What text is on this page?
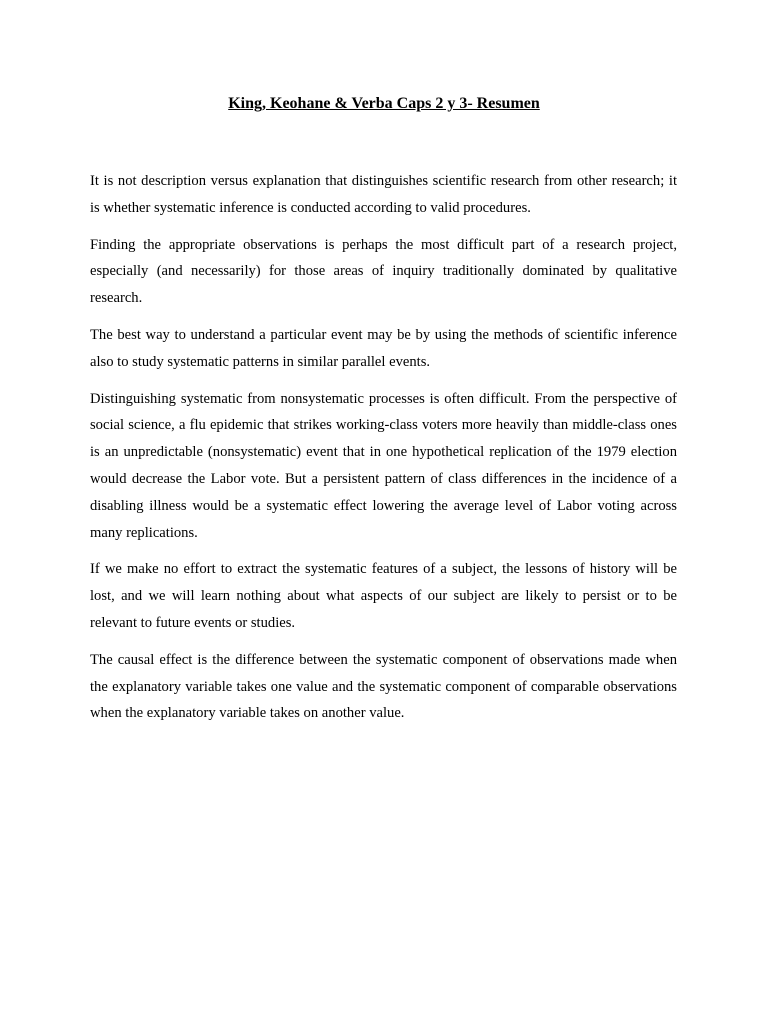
King, Keohane & Verba Caps 2 y 3- Resumen

It is not description versus explanation that distinguishes scientific research from other research; it is whether systematic inference is conducted according to valid procedures.

Finding the appropriate observations is perhaps the most difficult part of a research project, especially (and necessarily) for those areas of inquiry traditionally dominated by qualitative research.

The best way to understand a particular event may be by using the methods of scientific inference also to study systematic patterns in similar parallel events.

Distinguishing systematic from nonsystematic processes is often difficult. From the perspective of social science, a flu epidemic that strikes working-class voters more heavily than middle-class ones is an unpredictable (nonsystematic) event that in one hypothetical replication of the 1979 election would decrease the Labor vote. But a persistent pattern of class differences in the incidence of a disabling illness would be a systematic effect lowering the average level of Labor voting across many replications.

If we make no effort to extract the systematic features of a subject, the lessons of history will be lost, and we will learn nothing about what aspects of our subject are likely to persist or to be relevant to future events or studies.

The causal effect is the difference between the systematic component of observations made when the explanatory variable takes one value and the systematic component of comparable observations when the explanatory variable takes on another value.
